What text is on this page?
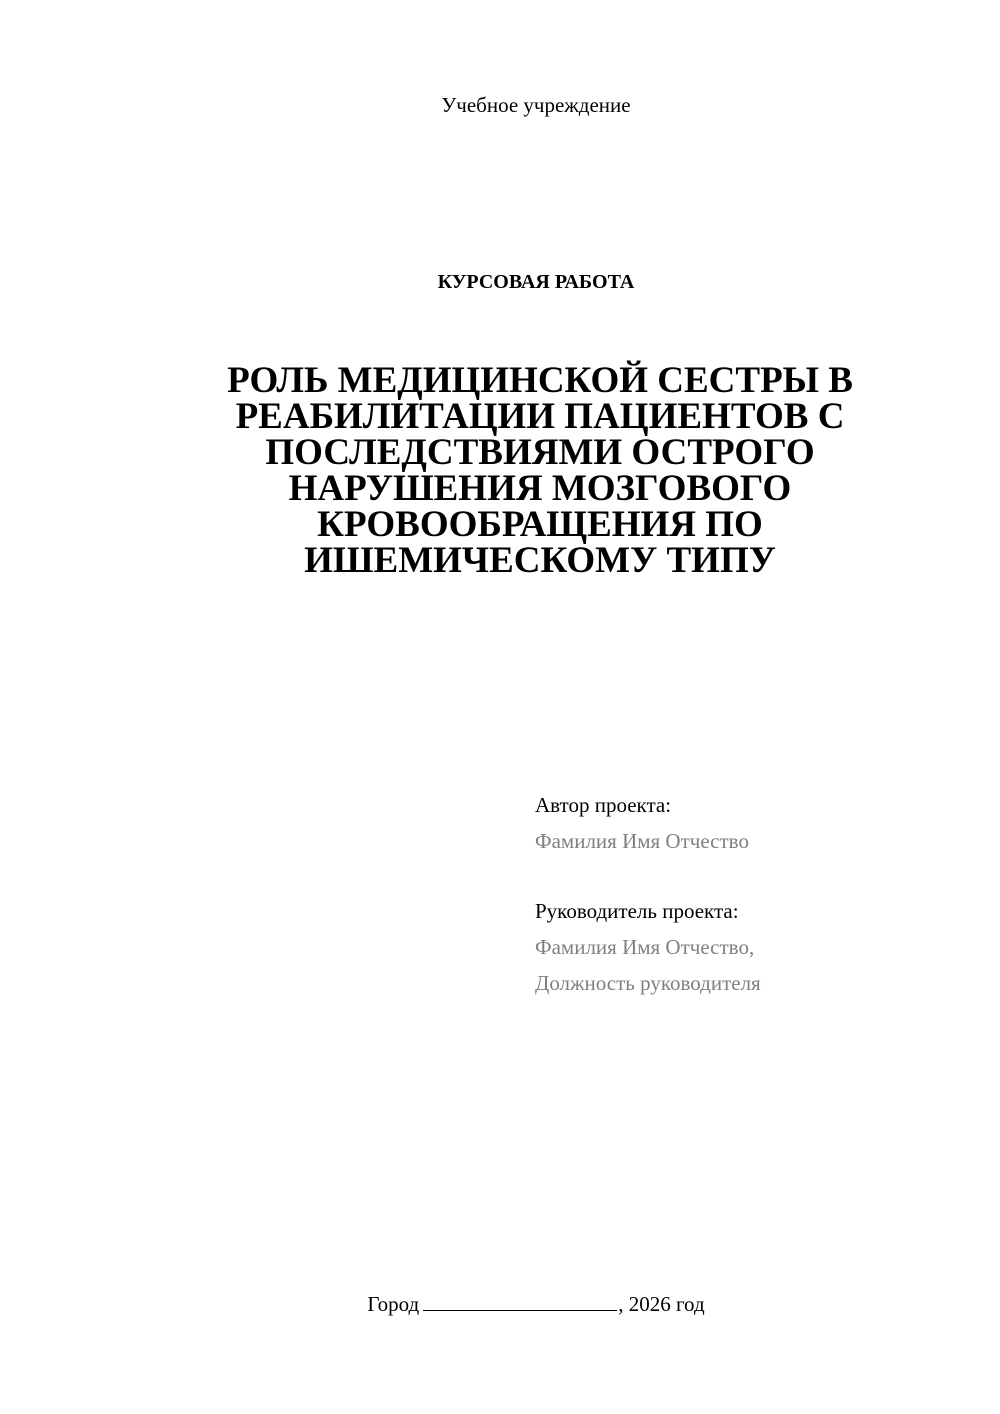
Учебное учреждение
КУРСОВАЯ РАБОТА
РОЛЬ МЕДИЦИНСКОЙ СЕСТРЫ В
РЕАБИЛИТАЦИИ ПАЦИЕНТОВ С
ПОСЛЕДСТВИЯМИ ОСТРОГО
НАРУШЕНИЯ МОЗГОВОГО
КРОВООБРАЩЕНИЯ ПО
ИШЕМИЧЕСКОМУ ТИПУ
Автор проекта:
Фамилия Имя Отчество
Руководитель проекта:
Фамилия Имя Отчество,
Должность руководителя
Город	, 2026 год
